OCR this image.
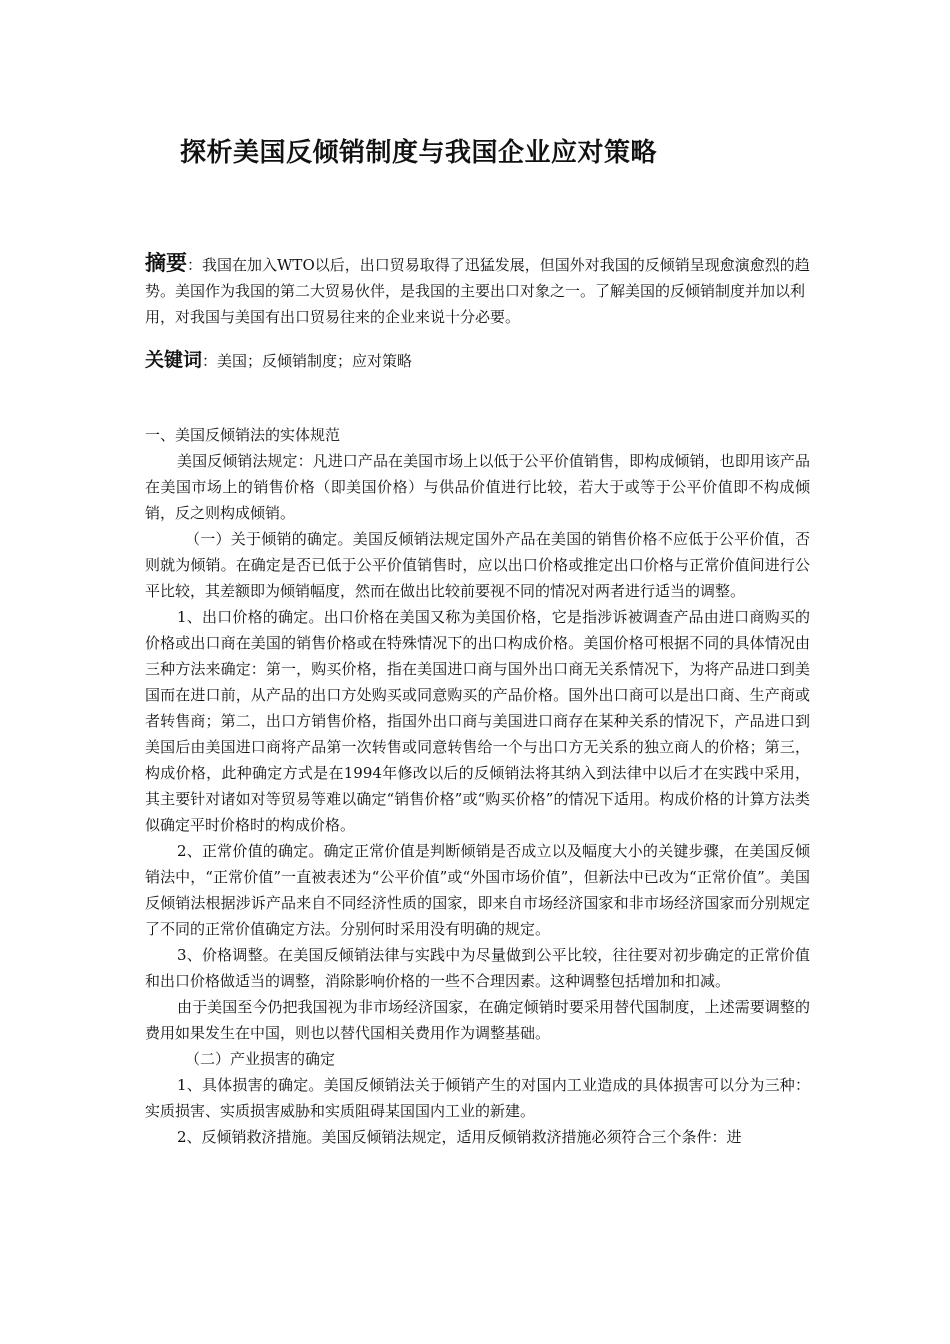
探析美国反倾销制度与我国企业应对策略
摘要：我国在加入WTO以后，出口贸易取得了迅猛发展，但国外对我国的反倾销呈现愈演愈烈的趋势。美国作为我国的第二大贸易伙伴，是我国的主要出口对象之一。了解美国的反倾销制度并加以利用，对我国与美国有出口贸易往来的企业来说十分必要。
关键词：美国；反倾销制度；应对策略

一、美国反倾销法的实体规范

美国反倾销法规定：凡进口产品在美国市场上以低于公平价值销售，即构成倾销，也即用该产品在美国市场上的销售价格（即美国价格）与供品价值进行比较，若大于或等于公平价值即不构成倾销，反之则构成倾销。

（一）关于倾销的确定。美国反倾销法规定国外产品在美国的销售价格不应低于公平价值，否则就为倾销。在确定是否已低于公平价值销售时，应以出口价格或推定出口价格与正常价值间进行公平比较，其差额即为倾销幅度，然而在做出比较前要视不同的情况对两者进行适当的调整。

1、出口价格的确定。出口价格在美国又称为美国价格，它是指涉诉被调查产品由进口商购买的价格或出口商在美国的销售价格或在特殊情况下的出口构成价格。美国价格可根据不同的具体情况由三种方法来确定：第一，购买价格，指在美国进口商与国外出口商无关系情况下，为将产品进口到美国而在进口前，从产品的出口方处购买或同意购买的产品价格。国外出口商可以是出口商、生产商或者转售商；第二，出口方销售价格，指国外出口商与美国进口商存在某种关系的情况下，产品进口到美国后由美国进口商将产品第一次转售或同意转售给一个与出口方无关系的独立商人的价格；第三，构成价格，此种确定方式是在1994年修改以后的反倾销法将其纳入到法律中以后才在实践中采用，其主要针对诸如对等贸易等难以确定“销售价格”或“购买价格”的情况下适用。构成价格的计算方法类似确定平时价格时的构成价格。

2、正常价值的确定。确定正常价值是判断倾销是否成立以及幅度大小的关键步骤，在美国反倾销法中，“正常价值”一直被表述为“公平价值”或“外国市场价值”，但新法中已改为“正常价值”。美国反倾销法根据涉诉产品来自不同经济性质的国家，即来自市场经济国家和非市场经济国家而分别规定了不同的正常价值确定方法。分别何时采用没有明确的规定。

3、价格调整。在美国反倾销法律与实践中为尽量做到公平比较，往往要对初步确定的正常价值和出口价格做适当的调整，消除影响价格的一些不合理因素。这种调整包括增加和扣减。

由于美国至今仍把我国视为非市场经济国家，在确定倾销时要采用替代国制度，上述需要调整的费用如果发生在中国，则也以替代国相关费用作为调整基础。

（二）产业损害的确定

1、具体损害的确定。美国反倾销法关于倾销产生的对国内工业造成的具体损害可以分为三种：实质损害、实质损害威胁和实质阻碍某国国内工业的新建。

2、反倾销救济措施。美国反倾销法规定，适用反倾销救济措施必须符合三个条件：进
